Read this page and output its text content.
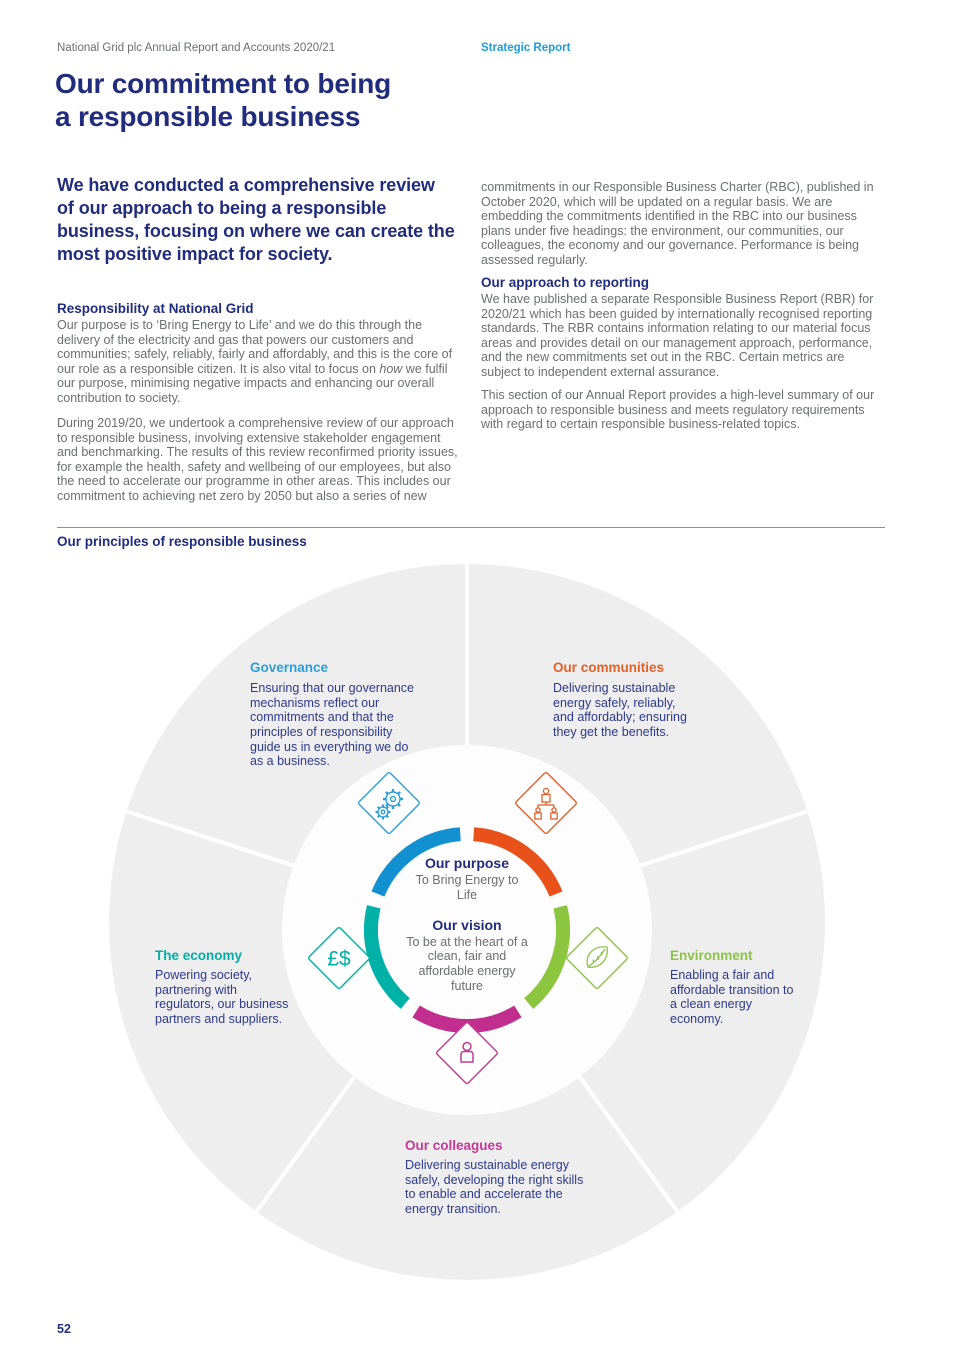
National Grid plc Annual Report and Accounts 2020/21	Strategic Report
Our commitment to being
a responsible business
We have conducted a comprehensive review of our approach to being a responsible business, focusing on where we can create the most positive impact for society.
Responsibility at National Grid
Our purpose is to ‘Bring Energy to Life’ and we do this through the delivery of the electricity and gas that powers our customers and communities; safely, reliably, fairly and affordably, and this is the core of our role as a responsible citizen. It is also vital to focus on how we fulfil our purpose, minimising negative impacts and enhancing our overall contribution to society.
During 2019/20, we undertook a comprehensive review of our approach to responsible business, involving extensive stakeholder engagement and benchmarking. The results of this review reconfirmed priority issues, for example the health, safety and wellbeing of our employees, but also the need to accelerate our programme in other areas. This includes our commitment to achieving net zero by 2050 but also a series of new
commitments in our Responsible Business Charter (RBC), published in October 2020, which will be updated on a regular basis. We are embedding the commitments identified in the RBC into our business plans under five headings: the environment, our communities, our colleagues, the economy and our governance. Performance is being assessed regularly.
Our approach to reporting
We have published a separate Responsible Business Report (RBR) for 2020/21 which has been guided by internationally recognised reporting standards. The RBR contains information relating to our material focus areas and provides detail on our management approach, performance, and the new commitments set out in the RBC. Certain metrics are subject to independent external assurance.
This section of our Annual Report provides a high-level summary of our approach to responsible business and meets regulatory requirements with regard to certain responsible business-related topics.
Our principles of responsible business
£$
Governance
Ensuring that our governance mechanisms reflect our commitments and that the principles of responsibility guide us in everything we do as a business.
Our communities
Delivering sustainable energy safely, reliably, and affordably; ensuring they get the benefits.
Environment
Enabling a fair and affordable transition to a clean energy economy.
The economy
Powering society, partnering with regulators, our business partners and suppliers.
Our colleagues
Delivering sustainable energy safely, developing the right skills to enable and accelerate the energy transition.
Our purpose
To Bring Energy to Life
Our vision
To be at the heart of a clean, fair and affordable energy future
52
